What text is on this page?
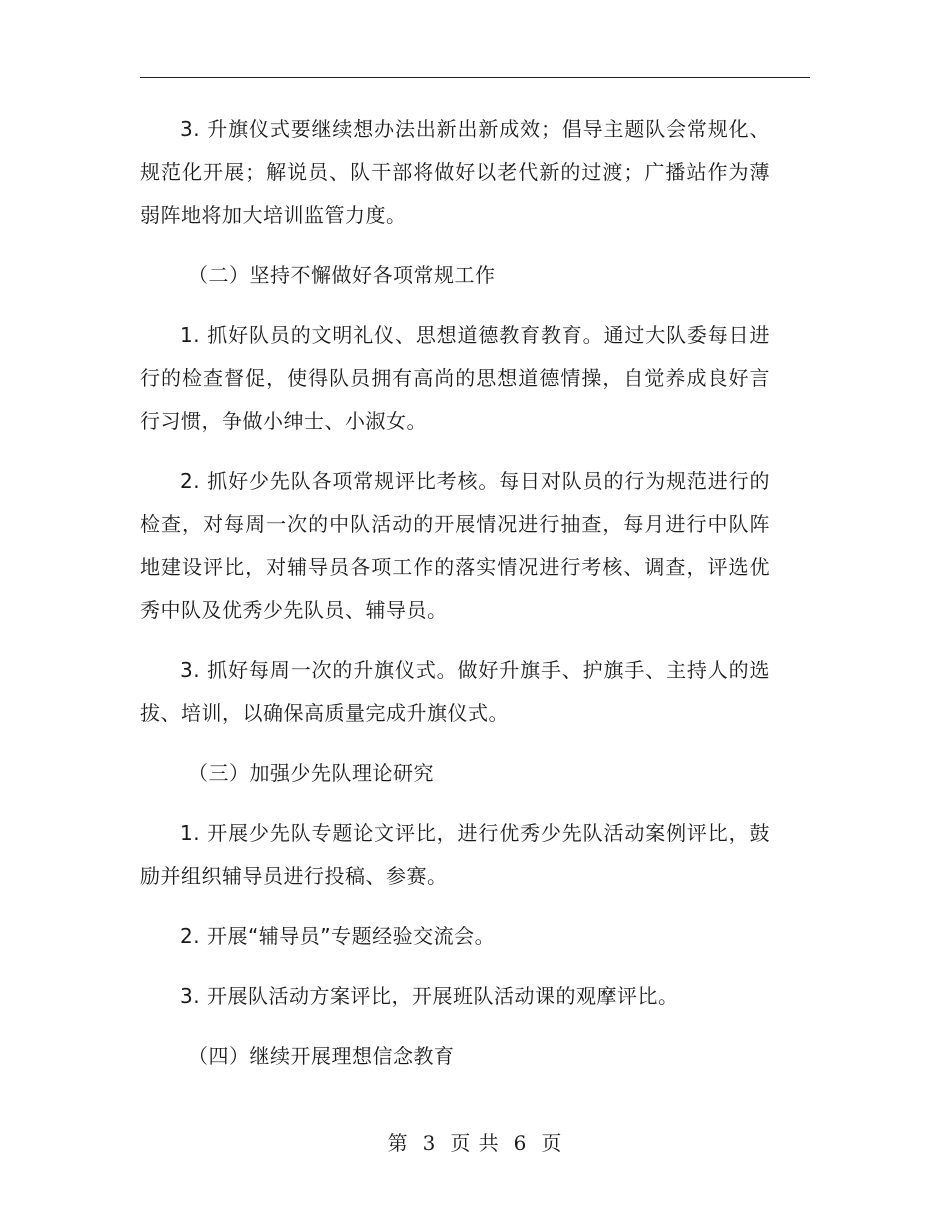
3. 升旗仪式要继续想办法出新出新成效；倡导主题队会常规化、规范化开展；解说员、队干部将做好以老代新的过渡；广播站作为薄弱阵地将加大培训监管力度。

（二）坚持不懈做好各项常规工作

1. 抓好队员的文明礼仪、思想道德教育教育。通过大队委每日进行的检查督促，使得队员拥有高尚的思想道德情操，自觉养成良好言行习惯，争做小绅士、小淑女。

2. 抓好少先队各项常规评比考核。每日对队员的行为规范进行的检查，对每周一次的中队活动的开展情况进行抽查，每月进行中队阵地建设评比，对辅导员各项工作的落实情况进行考核、调查，评选优秀中队及优秀少先队员、辅导员。

3. 抓好每周一次的升旗仪式。做好升旗手、护旗手、主持人的选拔、培训，以确保高质量完成升旗仪式。

（三）加强少先队理论研究

1. 开展少先队专题论文评比，进行优秀少先队活动案例评比，鼓励并组织辅导员进行投稿、参赛。

2. 开展“辅导员”专题经验交流会。

3. 开展队活动方案评比，开展班队活动课的观摩评比。

（四）继续开展理想信念教育

第 3 页 共 6 页
